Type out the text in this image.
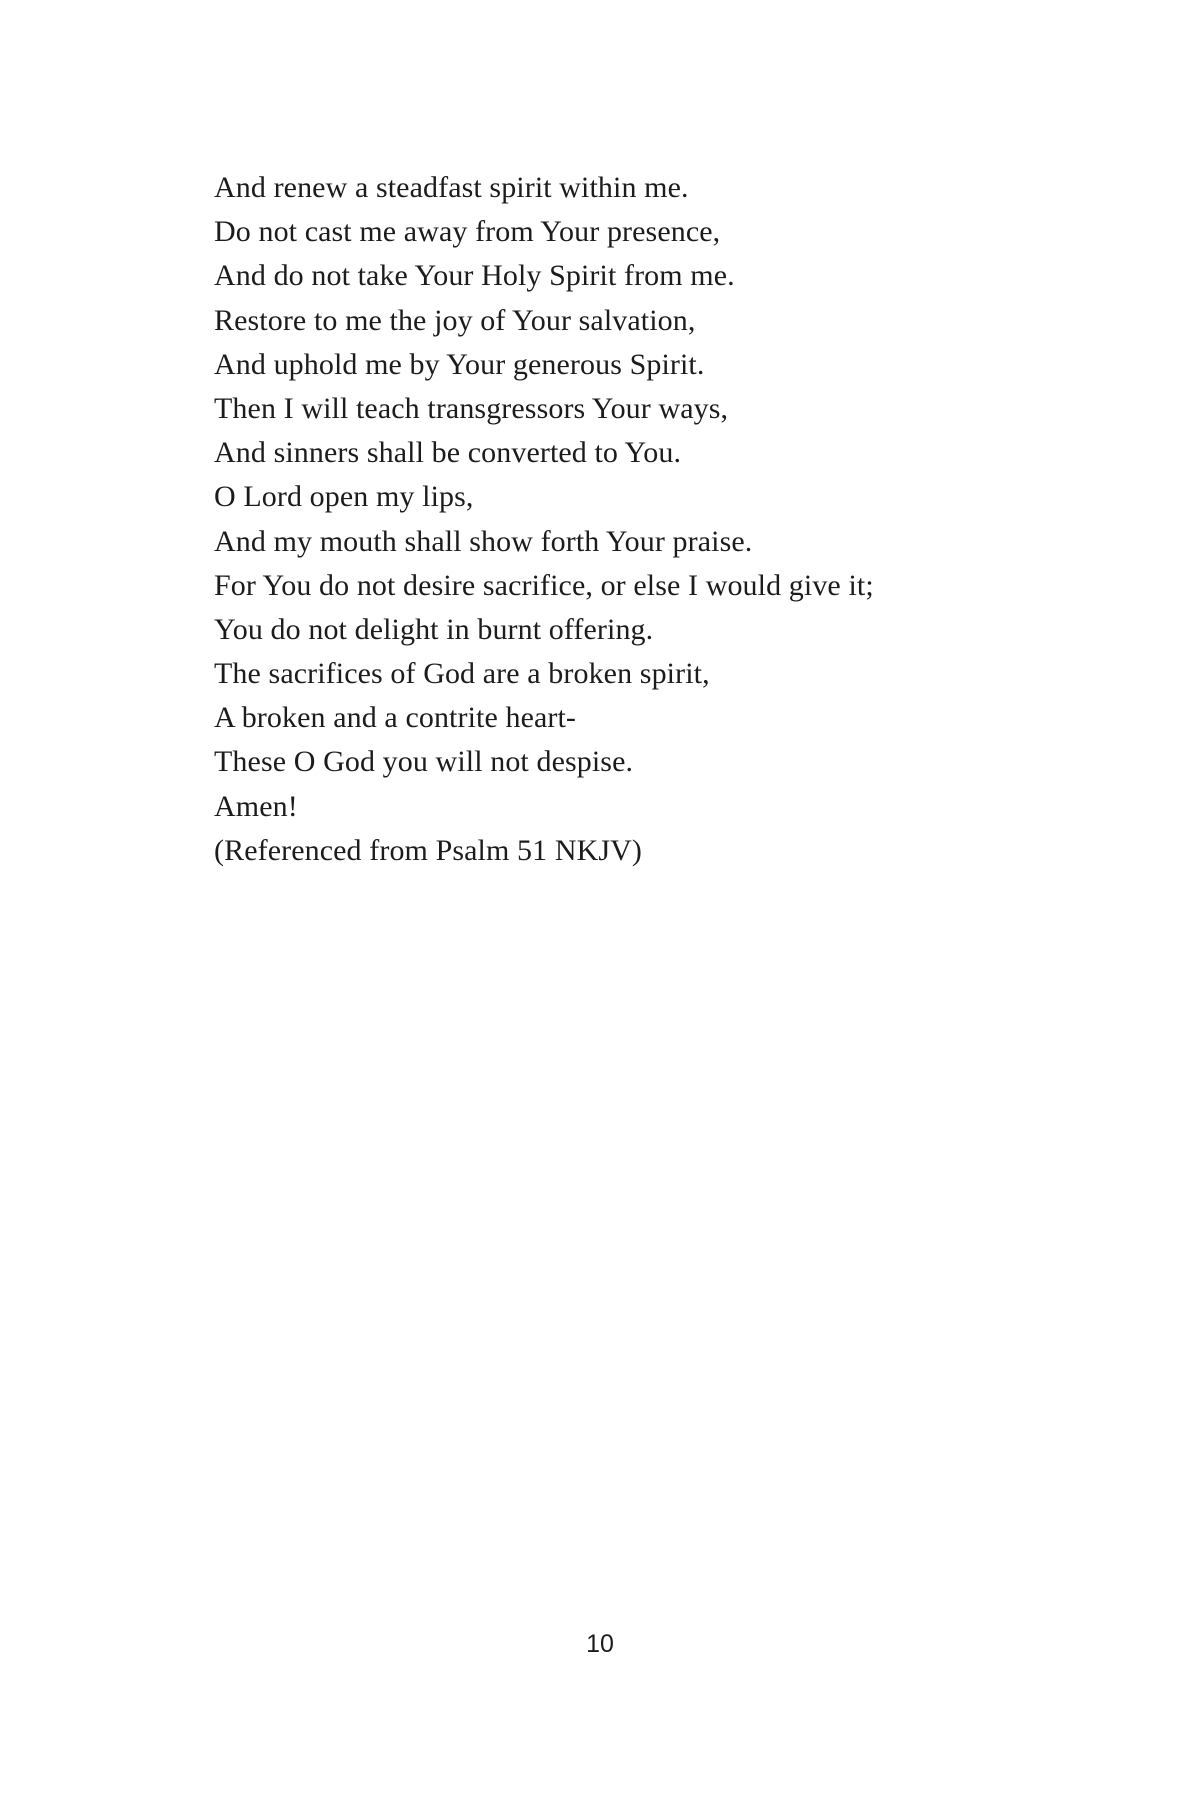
And renew a steadfast spirit within me.
Do not cast me away from Your presence,
And do not take Your Holy Spirit from me.
Restore to me the joy of Your salvation,
And uphold me by Your generous Spirit.
Then I will teach transgressors Your ways,
And sinners shall be converted to You.
O Lord open my lips,
And my mouth shall show forth Your praise.
For You do not desire sacrifice, or else I would give it;
You do not delight in burnt offering.
The sacrifices of God are a broken spirit,
A broken and a contrite heart-
These O God you will not despise.
Amen!
(Referenced from Psalm 51 NKJV)
10
